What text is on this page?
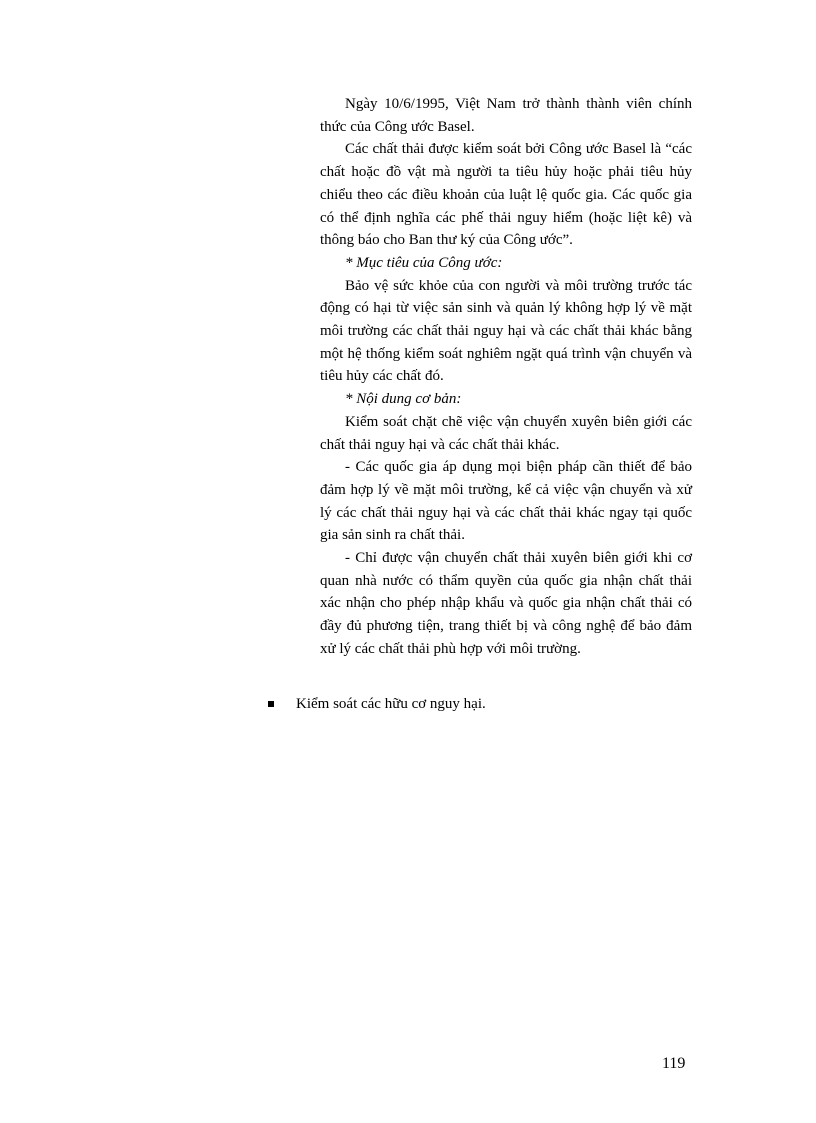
Ngày 10/6/1995, Việt Nam trở thành thành viên chính thức của Công ước Basel.

Các chất thải được kiểm soát bởi Công ước Basel là “các chất hoặc đồ vật mà người ta tiêu hủy hoặc phải tiêu hủy chiểu theo các điều khoản của luật lệ quốc gia. Các quốc gia có thể định nghĩa các phế thải nguy hiểm (hoặc liệt kê) và thông báo cho Ban thư ký của Công ước”.

* Mục tiêu của Công ước:

Bảo vệ sức khỏe của con người và môi trường trước tác động có hại từ việc sản sinh và quản lý không hợp lý về mặt môi trường các chất thải nguy hại và các chất thải khác bằng một hệ thống kiểm soát nghiêm ngặt quá trình vận chuyển và tiêu hủy các chất đó.

* Nội dung cơ bản:

Kiểm soát chặt chẽ việc vận chuyển xuyên biên giới các chất thải nguy hại và các chất thải khác.

- Các quốc gia áp dụng mọi biện pháp cần thiết để bảo đảm hợp lý về mặt môi trường, kể cả việc vận chuyển và xử lý các chất thải nguy hại và các chất thải khác ngay tại quốc gia sản sinh ra chất thải.

- Chỉ được vận chuyển chất thải xuyên biên giới khi cơ quan nhà nước có thẩm quyền của quốc gia nhận chất thải xác nhận cho phép nhập khẩu và quốc gia nhận chất thải có đầy đủ phương tiện, trang thiết bị và công nghệ để bảo đảm xử lý các chất thải phù hợp với môi trường.

Kiểm soát các hữu cơ nguy hại.
119
